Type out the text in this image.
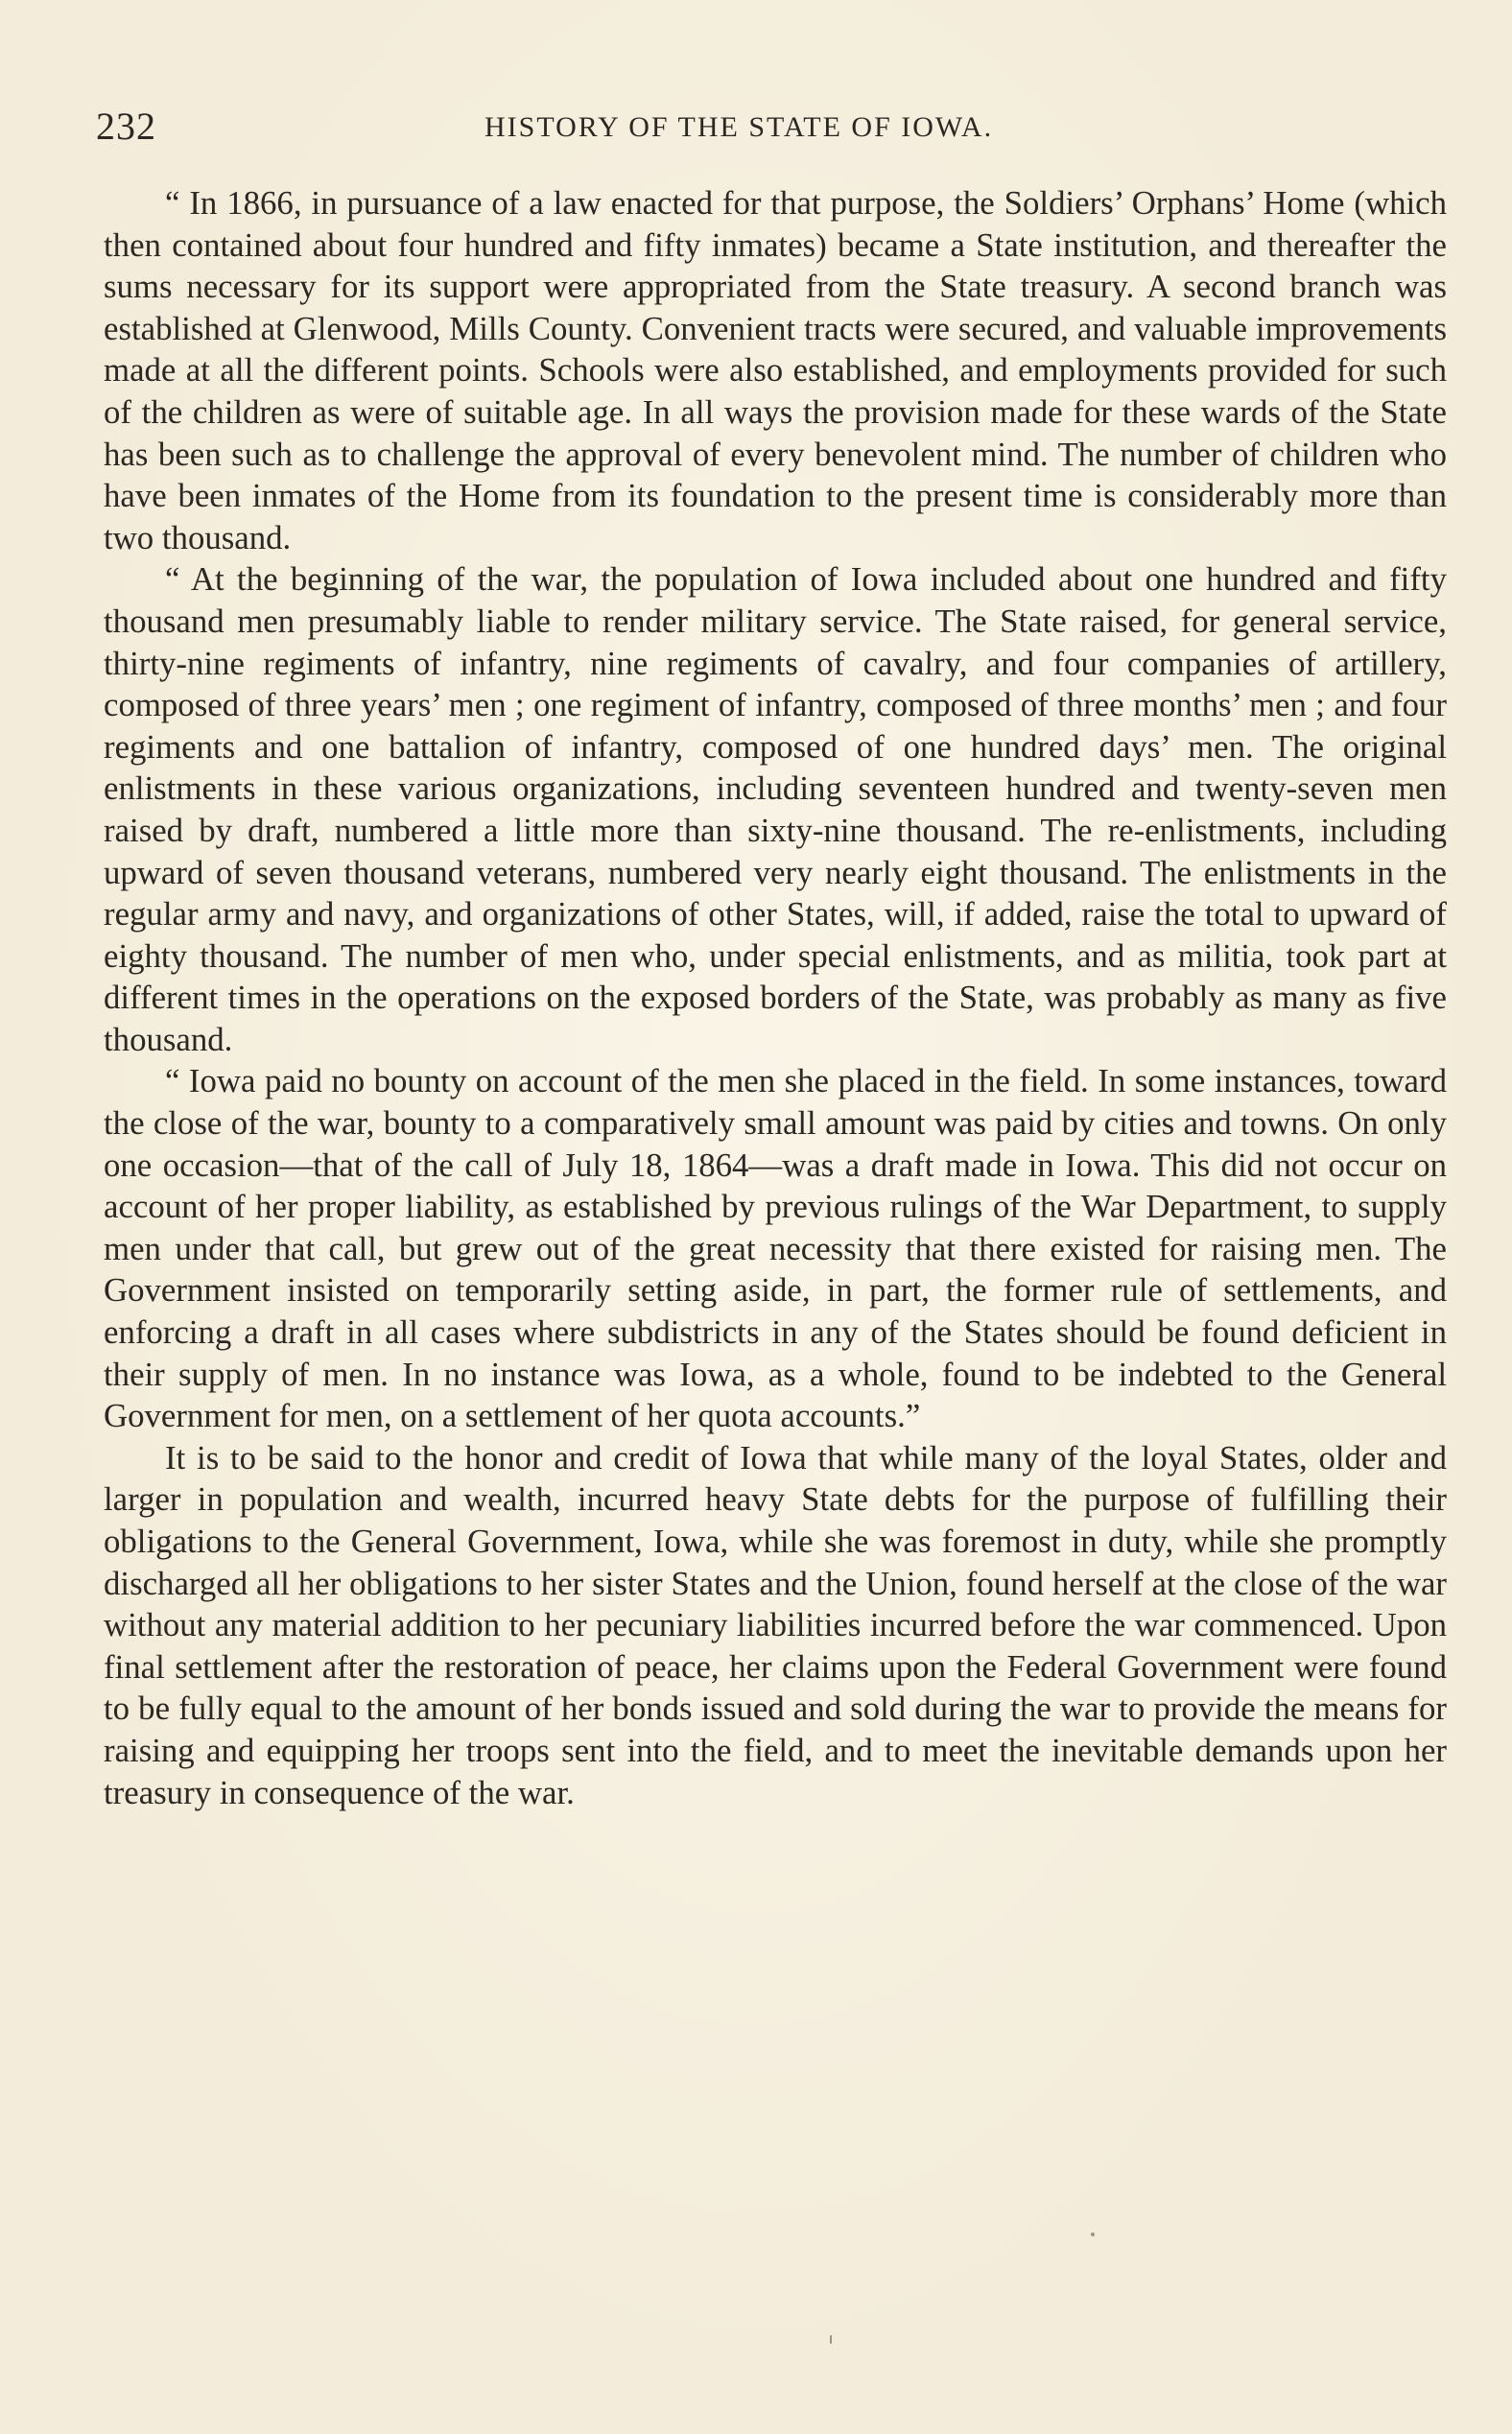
232	HISTORY OF THE STATE OF IOWA.

“ In 1866, in pursuance of a law enacted for that purpose, the Soldiers’ Orphans’ Home (which then contained about four hundred and fifty inmates) became a State institution, and thereafter the sums necessary for its support were appropriated from the State treasury. A second branch was established at Glenwood, Mills County. Convenient tracts were secured, and valuable improvements made at all the different points. Schools were also established, and employments provided for such of the children as were of suitable age. In all ways the provision made for these wards of the State has been such as to challenge the approval of every benevolent mind. The number of children who have been inmates of the Home from its foundation to the present time is considerably more than two thousand.

“ At the beginning of the war, the population of Iowa included about one hundred and fifty thousand men presumably liable to render military service. The State raised, for general service, thirty-nine regiments of infantry, nine regiments of cavalry, and four companies of artillery, composed of three years’ men ; one regiment of infantry, composed of three months’ men ; and four regiments and one battalion of infantry, composed of one hundred days’ men. The original enlistments in these various organizations, including seventeen hundred and twenty-seven men raised by draft, numbered a little more than sixty-nine thousand. The re-enlistments, including upward of seven thousand veterans, numbered very nearly eight thousand. The enlistments in the regular army and navy, and organizations of other States, will, if added, raise the total to upward of eighty thousand. The number of men who, under special enlistments, and as militia, took part at different times in the operations on the exposed borders of the State, was probably as many as five thousand.

“ Iowa paid no bounty on account of the men she placed in the field. In some instances, toward the close of the war, bounty to a comparatively small amount was paid by cities and towns. On only one occasion—that of the call of July 18, 1864—was a draft made in Iowa. This did not occur on account of her proper liability, as established by previous rulings of the War Department, to supply men under that call, but grew out of the great necessity that there existed for raising men. The Government insisted on temporarily setting aside, in part, the former rule of settlements, and enforcing a draft in all cases where subdistricts in any of the States should be found deficient in their supply of men. In no instance was Iowa, as a whole, found to be indebted to the General Government for men, on a settlement of her quota accounts.”

It is to be said to the honor and credit of Iowa that while many of the loyal States, older and larger in population and wealth, incurred heavy State debts for the purpose of fulfilling their obligations to the General Government, Iowa, while she was foremost in duty, while she promptly discharged all her obligations to her sister States and the Union, found herself at the close of the war without any material addition to her pecuniary liabilities incurred before the war commenced. Upon final settlement after the restoration of peace, her claims upon the Federal Government were found to be fully equal to the amount of her bonds issued and sold during the war to provide the means for raising and equipping her troops sent into the field, and to meet the inevitable demands upon her treasury in consequence of the war.
